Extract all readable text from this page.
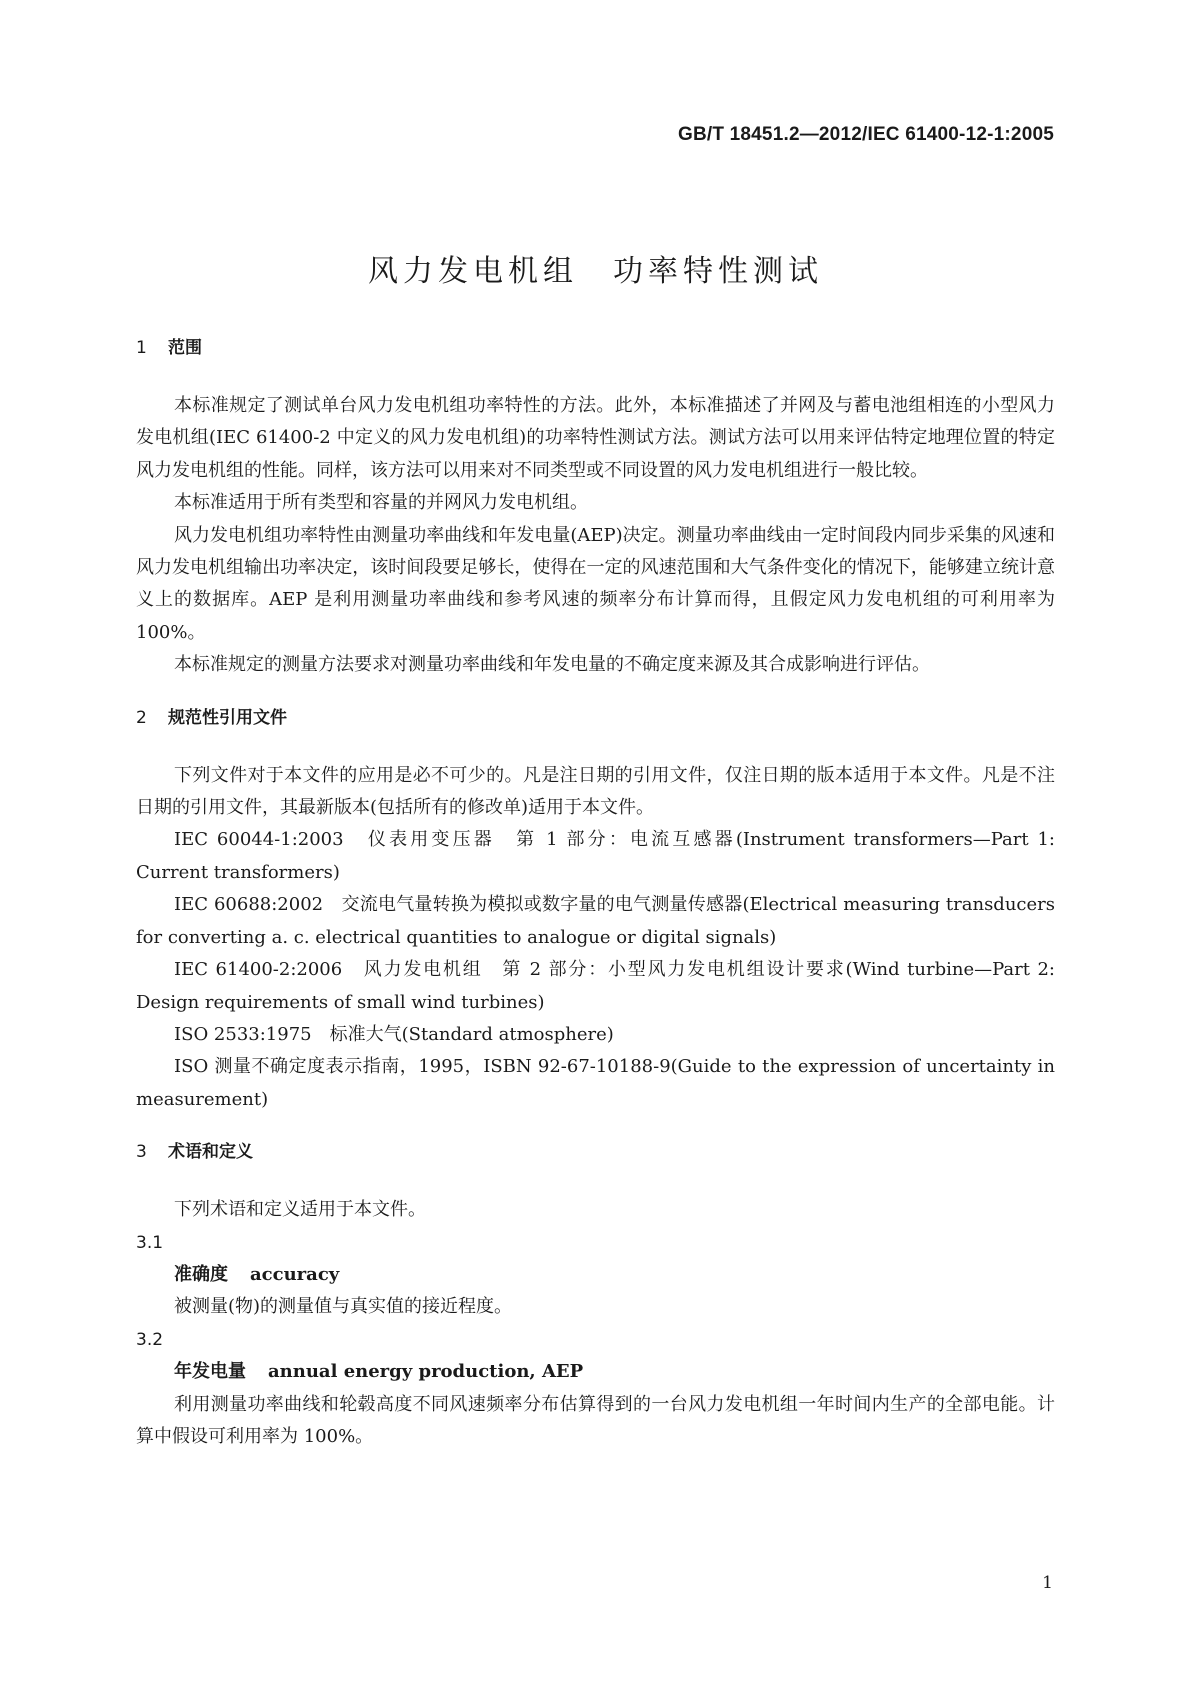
GB/T 18451.2—2012/IEC 61400-12-1:2005
风力发电机组　功率特性测试
1 范围

本标准规定了测试单台风力发电机组功率特性的方法。此外，本标准描述了并网及与蓄电池组相连的小型风力发电机组(IEC 61400-2 中定义的风力发电机组)的功率特性测试方法。测试方法可以用来评估特定地理位置的特定风力发电机组的性能。同样，该方法可以用来对不同类型或不同设置的风力发电机组进行一般比较。

本标准适用于所有类型和容量的并网风力发电机组。

风力发电机组功率特性由测量功率曲线和年发电量(AEP)决定。测量功率曲线由一定时间段内同步采集的风速和风力发电机组输出功率决定，该时间段要足够长，使得在一定的风速范围和大气条件变化的情况下，能够建立统计意义上的数据库。AEP 是利用测量功率曲线和参考风速的频率分布计算而得，且假定风力发电机组的可利用率为 100%。

本标准规定的测量方法要求对测量功率曲线和年发电量的不确定度来源及其合成影响进行评估。

2 规范性引用文件

下列文件对于本文件的应用是必不可少的。凡是注日期的引用文件，仅注日期的版本适用于本文件。凡是不注日期的引用文件，其最新版本(包括所有的修改单)适用于本文件。

IEC 60044-1:2003　仪表用变压器　第 1 部分：电流互感器(Instrument transformers—Part 1: Current transformers)

IEC 60688:2002　交流电气量转换为模拟或数字量的电气测量传感器(Electrical measuring transducers for converting a. c. electrical quantities to analogue or digital signals)

IEC 61400-2:2006　风力发电机组　第 2 部分：小型风力发电机组设计要求(Wind turbine—Part 2: Design requirements of small wind turbines)

ISO 2533:1975　标准大气(Standard atmosphere)

ISO 测量不确定度表示指南，1995，ISBN 92-67-10188-9(Guide to the expression of uncertainty in measurement)

3 术语和定义

下列术语和定义适用于本文件。

3.1

准确度 accuracy

被测量(物)的测量值与真实值的接近程度。

3.2

年发电量 annual energy production, AEP

利用测量功率曲线和轮毂高度不同风速频率分布估算得到的一台风力发电机组一年时间内生产的全部电能。计算中假设可利用率为 100%。

1
